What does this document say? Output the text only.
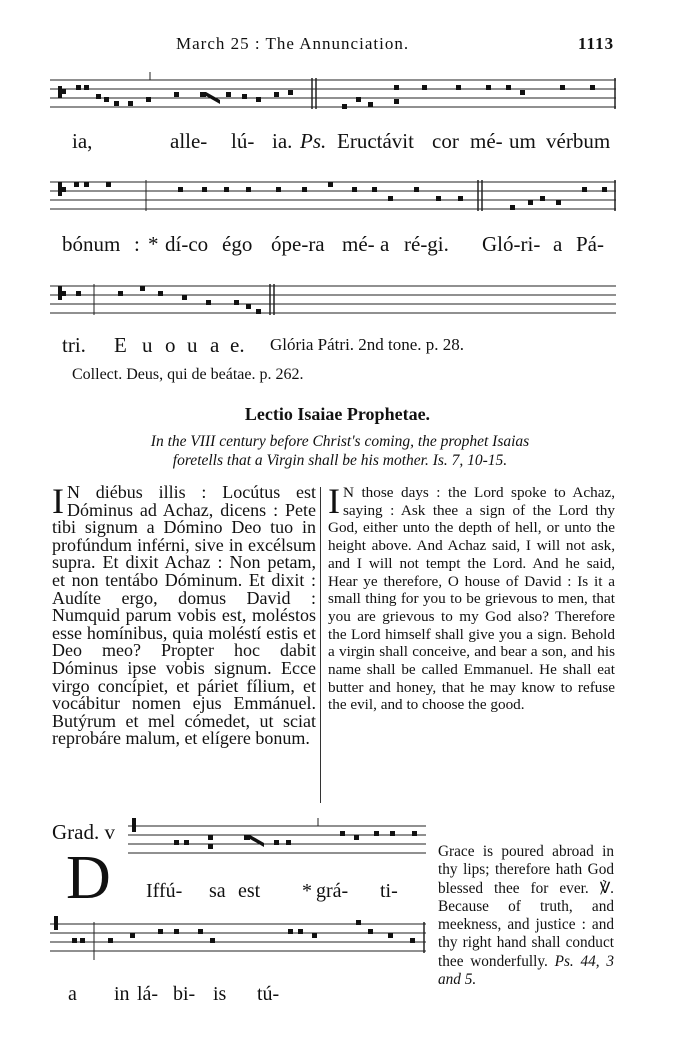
March 25 : The Annunciation.	1113
ia,	alle- lú- ia. Ps. Eructávit cor mé- um vérbum
bónum : * dí-co égo ópe-ra mé- a ré-gi. Gló-ri- a Pá-
tri. E u o u a e. Glória Pátri. 2nd tone. p. 28.
Collect. Deus, qui de beátae. p. 262.
Lectio Isaiae Prophetae.
In the VIII century before Christ's coming, the prophet Isaias
foretells that a Virgin shall be his mother. Is. 7, 10-15.
I N diébus illis : Locútus est Dóminus ad Achaz, dicens : Pete tibi signum a Dómino Deo tuo in profúndum inférni, sive in excélsum supra. Et dixit Achaz : Non petam, et non tentábo Dóminum. Et dixit : Audíte ergo, domus David : Numquid parum vobis est, moléstos esse homínibus, quia moléstí estis et Deo meo? Propter hoc dabit Dóminus ipse vobis signum. Ecce virgo concípiet, et páriet fílium, et vocábitur nomen ejus Emmánuel. Butýrum et mel cómedet, ut sciat reprobáre malum, et elígere bonum.
I N those days : the Lord spoke to Achaz, saying : Ask thee a sign of the Lord thy God, either unto the depth of hell, or unto the height above. And Achaz said, I will not ask, and I will not tempt the Lord. And he said, Hear ye therefore, O house of David : Is it a small thing for you to be grievous to men, that you are grievous to my God also? Therefore the Lord himself shall give you a sign. Behold a virgin shall conceive, and bear a son, and his name shall be called Emmanuel. He shall eat butter and honey, that he may know to refuse the evil, and to choose the good.
Grad. v
D Iffú- sa est * grá- ti-
a in lá- bi- is tú-
Grace is poured abroad in thy lips; therefore hath God blessed thee for ever. ℣. Because of truth, and meekness, and justice : and thy right hand shall conduct thee wonderfully. Ps. 44, 3 and 5.
